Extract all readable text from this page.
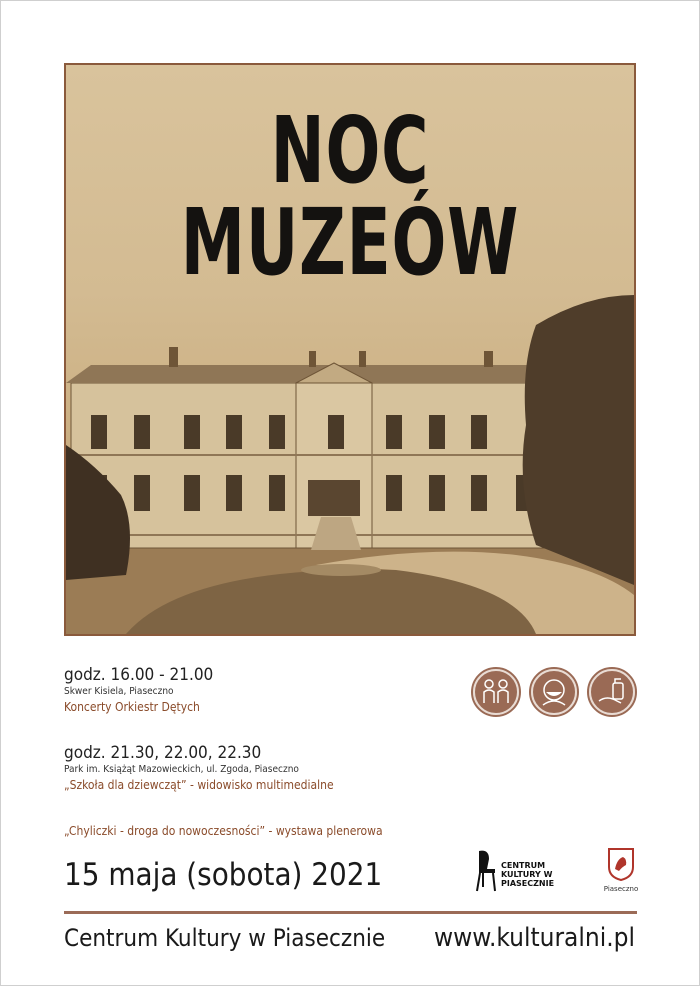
NOC MUZEÓW
godz. 16.00 - 21.00
Skwer Kisiela, Piaseczno
Koncerty Orkiestr Dętych
godz. 21.30, 22.00, 22.30
Park im. Książąt Mazowieckich, ul. Zgoda, Piaseczno
„Szkoła dla dziewcząt” - widowisko multimedialne
„Chyliczki - droga do nowoczesności” - wystawa plenerowa
15 maja (sobota) 2021	CENTRUM KULTURY W PIASECZNIE
Piaseczno
Centrum Kultury w Piasecznie www.kulturalni.pl
